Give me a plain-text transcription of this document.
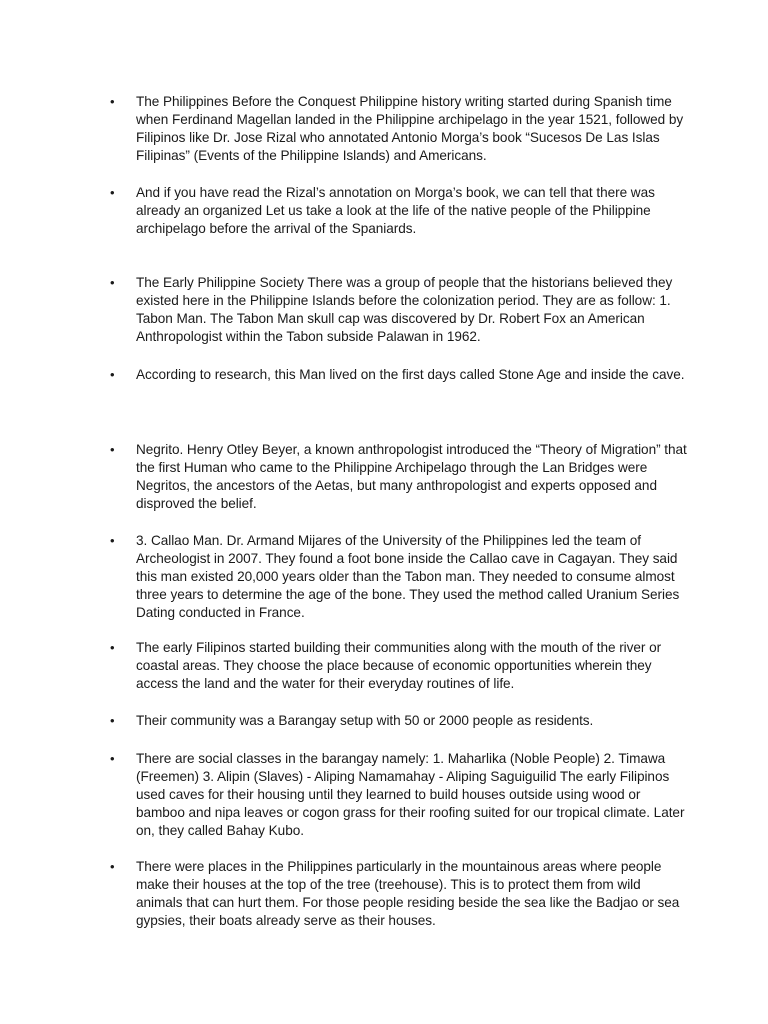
•	The Philippines Before the Conquest Philippine history writing started during Spanish time when Ferdinand Magellan landed in the Philippine archipelago in the year 1521, followed by Filipinos like Dr. Jose Rizal who annotated Antonio Morga’s book “Sucesos De Las Islas Filipinas” (Events of the Philippine Islands) and Americans.
•	And if you have read the Rizal’s annotation on Morga’s book, we can tell that there was already an organized Let us take a look at the life of the native people of the Philippine archipelago before the arrival of the Spaniards.
•	The Early Philippine Society There was a group of people that the historians believed they existed here in the Philippine Islands before the colonization period. They are as follow: 1. Tabon Man. The Tabon Man skull cap was discovered by Dr. Robert Fox an American Anthropologist within the Tabon subside Palawan in 1962.
•	According to research, this Man lived on the first days called Stone Age and inside the cave.
•	Negrito. Henry Otley Beyer, a known anthropologist introduced the “Theory of Migration” that the first Human who came to the Philippine Archipelago through the Lan Bridges were Negritos, the ancestors of the Aetas, but many anthropologist and experts opposed and disproved the belief.
•	3. Callao Man. Dr. Armand Mijares of the University of the Philippines led the team of Archeologist in 2007. They found a foot bone inside the Callao cave in Cagayan. They said this man existed 20,000 years older than the Tabon man. They needed to consume almost three years to determine the age of the bone. They used the method called Uranium Series Dating conducted in France.
•	The early Filipinos started building their communities along with the mouth of the river or coastal areas. They choose the place because of economic opportunities wherein they access the land and the water for their everyday routines of life.
•	Their community was a Barangay setup with 50 or 2000 people as residents.
•	There are social classes in the barangay namely: 1. Maharlika (Noble People) 2. Timawa (Freemen) 3. Alipin (Slaves) - Aliping Namamahay - Aliping Saguiguilid The early Filipinos used caves for their housing until they learned to build houses outside using wood or bamboo and nipa leaves or cogon grass for their roofing suited for our tropical climate. Later on, they called Bahay Kubo.
•	There were places in the Philippines particularly in the mountainous areas where people make their houses at the top of the tree (treehouse). This is to protect them from wild animals that can hurt them. For those people residing beside the sea like the Badjao or sea gypsies, their boats already serve as their houses.
